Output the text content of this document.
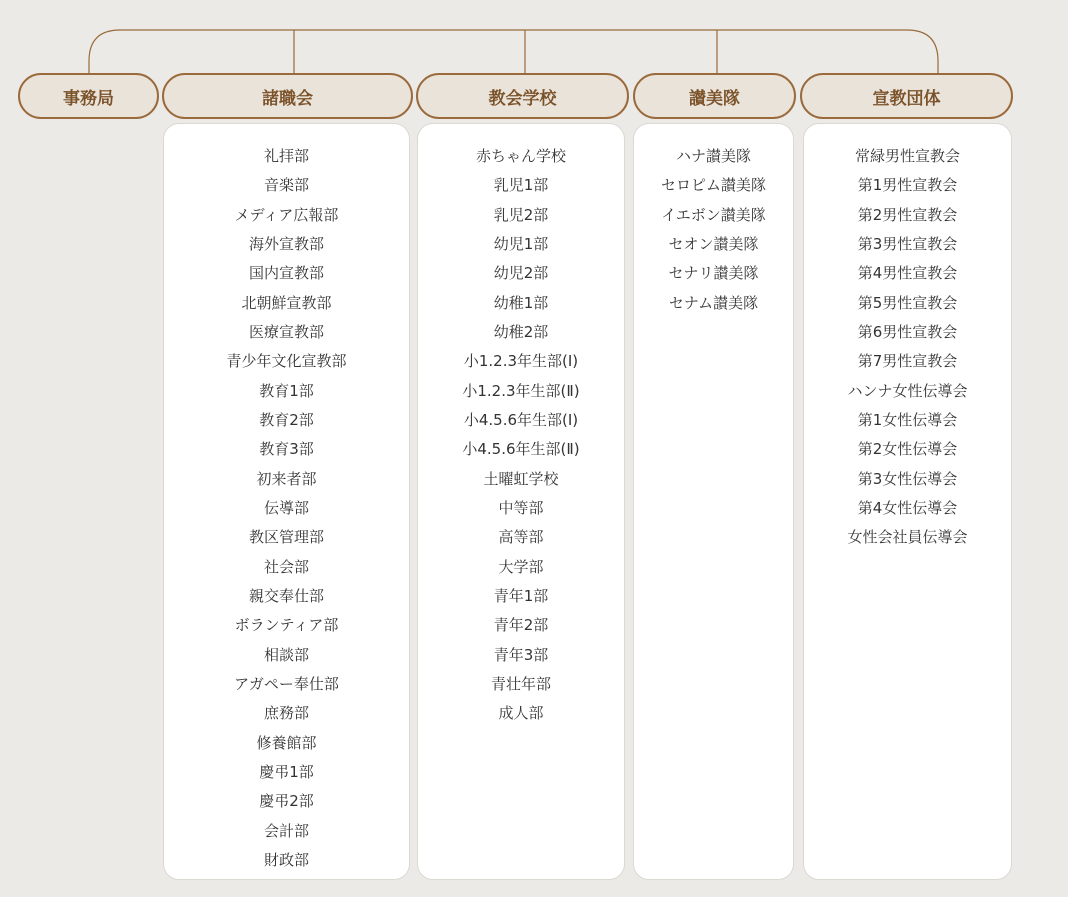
事務局	諸職会
礼拝部
音楽部
メディア広報部
海外宣教部
国内宣教部
北朝鮮宣教部
医療宣教部
青少年文化宣教部
教育1部
教育2部
教育3部
初来者部
伝導部
教区管理部
社会部
親交奉仕部
ボランティア部
相談部
アガペー奉仕部
庶務部
修養館部
慶弔1部
慶弔2部
会計部
財政部
教会学校
赤ちゃん学校
乳児1部
乳児2部
幼児1部
幼児2部
幼稚1部
幼稚2部
小1.2.3年生部(Ⅰ)
小1.2.3年生部(Ⅱ)
小4.5.6年生部(Ⅰ)
小4.5.6年生部(Ⅱ)
土曜虹学校
中等部
高等部
大学部
青年1部
青年2部
青年3部
青壮年部
成人部
讃美隊
ハナ讃美隊
セロピム讃美隊
イエボン讃美隊
セオン讃美隊
セナリ讃美隊
セナム讃美隊
宣教団体
常緑男性宣教会
第1男性宣教会
第2男性宣教会
第3男性宣教会
第4男性宣教会
第5男性宣教会
第6男性宣教会
第7男性宣教会
ハンナ女性伝導会
第1女性伝導会
第2女性伝導会
第3女性伝導会
第4女性伝導会
女性会社員伝導会
